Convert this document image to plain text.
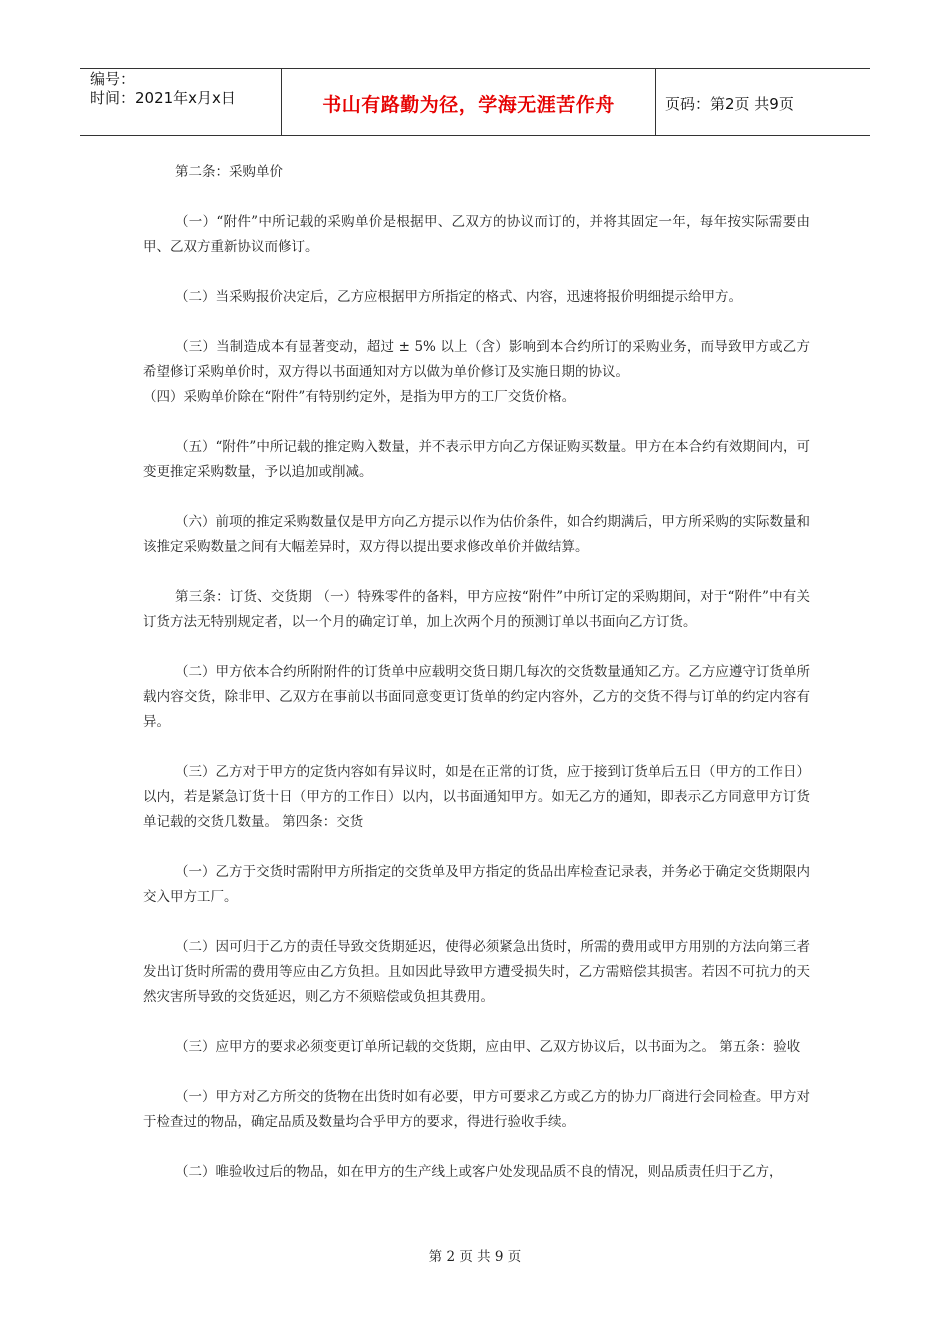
编号：
时间：2021年x月x日	书山有路勤为径，学海无涯苦作舟	页码：第2页 共9页

第二条：采购单价

（一）“附件”中所记载的采购单价是根据甲、乙双方的协议而订的，并将其固定一年，每年按实际需要由甲、乙双方重新协议而修订。

（二）当采购报价决定后，乙方应根据甲方所指定的格式、内容，迅速将报价明细提示给甲方。

（三）当制造成本有显著变动，超过 ± 5% 以上（含）影响到本合约所订的采购业务，而导致甲方或乙方希望修订采购单价时，双方得以书面通知对方以做为单价修订及实施日期的协议。

（四）采购单价除在“附件”有特别约定外，是指为甲方的工厂交货价格。

（五）“附件”中所记载的推定购入数量，并不表示甲方向乙方保证购买数量。甲方在本合约有效期间内，可变更推定采购数量，予以追加或削减。

（六）前项的推定采购数量仅是甲方向乙方提示以作为估价条件，如合约期满后，甲方所采购的实际数量和该推定采购数量之间有大幅差异时，双方得以提出要求修改单价并做结算。

第三条：订货、交货期 （一）特殊零件的备料，甲方应按“附件”中所订定的采购期间，对于“附件”中有关订货方法无特别规定者，以一个月的确定订单，加上次两个月的预测订单以书面向乙方订货。

（二）甲方依本合约所附附件的订货单中应载明交货日期几每次的交货数量通知乙方。乙方应遵守订货单所载内容交货，除非甲、乙双方在事前以书面同意变更订货单的约定内容外，乙方的交货不得与订单的约定内容有异。

（三）乙方对于甲方的定货内容如有异议时，如是在正常的订货，应于接到订货单后五日（甲方的工作日）以内，若是紧急订货十日（甲方的工作日）以内，以书面通知甲方。如无乙方的通知，即表示乙方同意甲方订货单记载的交货几数量。 第四条：交货

（一）乙方于交货时需附甲方所指定的交货单及甲方指定的货品出库检查记录表，并务必于确定交货期限内交入甲方工厂。

（二）因可归于乙方的责任导致交货期延迟，使得必须紧急出货时，所需的费用或甲方用别的方法向第三者发出订货时所需的费用等应由乙方负担。且如因此导致甲方遭受损失时，乙方需赔偿其损害。若因不可抗力的天然灾害所导致的交货延迟，则乙方不须赔偿或负担其费用。

（三）应甲方的要求必须变更订单所记载的交货期，应由甲、乙双方协议后，以书面为之。 第五条：验收

（一）甲方对乙方所交的货物在出货时如有必要，甲方可要求乙方或乙方的协力厂商进行会同检查。甲方对于检查过的物品，确定品质及数量均合乎甲方的要求，得进行验收手续。

（二）唯验收过后的物品，如在甲方的生产线上或客户处发现品质不良的情况，则品质责任归于乙方，

第 2 页 共 9 页
